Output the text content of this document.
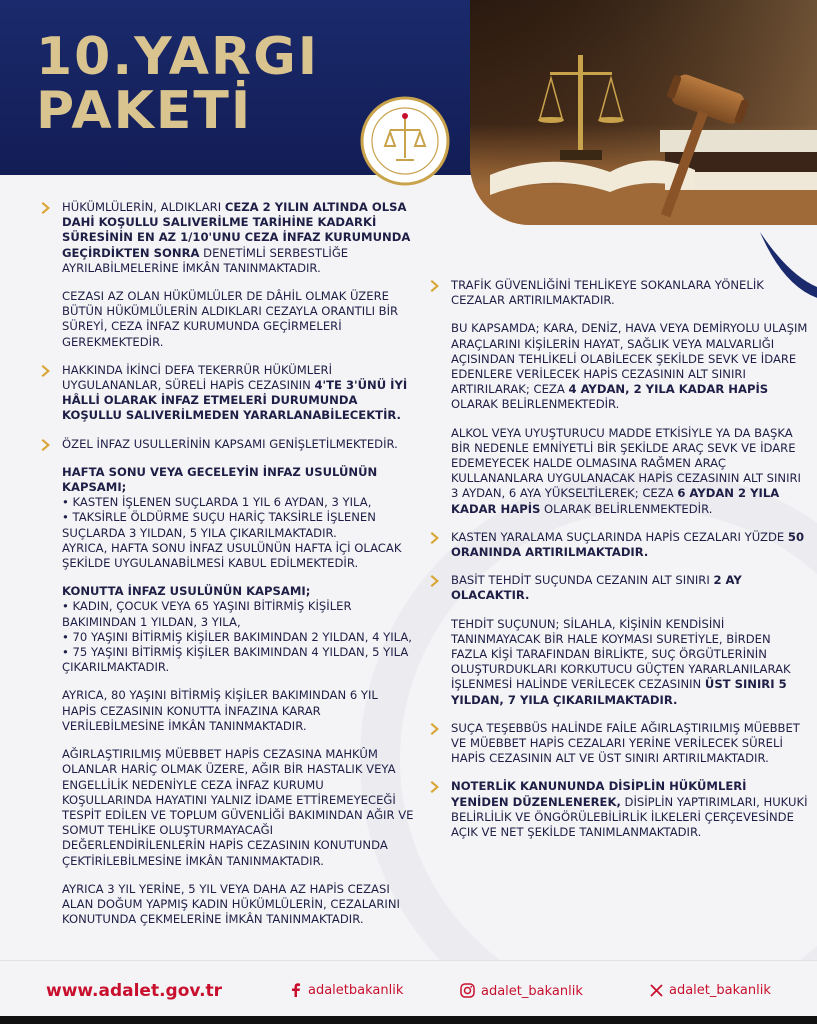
10.YARGI
PAKETİ

HÜKÜMLÜLERİN, ALDIKLARI CEZA 2 YILIN ALTINDA OLSA DAHİ KOŞULLU SALIVERİLME TARİHİNE KADARKİ SÜRESİNİN EN AZ 1/10'UNU CEZA İNFAZ KURUMUNDA GEÇİRDİKTEN SONRA DENETİMLİ SERBESTLİĞE AYRILABİLMELERİNE İMKÂN TANINMAKTADIR.

CEZASI AZ OLAN HÜKÜMLÜLER DE DÂHİL OLMAK ÜZERE BÜTÜN HÜKÜMLÜLERİN ALDIKLARI CEZAYLA ORANTILI BİR SÜREYİ, CEZA İNFAZ KURUMUNDA GEÇİRMELERİ GEREKMEKTEDİR.

HAKKINDA İKİNCİ DEFA TEKERRÜR HÜKÜMLERİ UYGULANANLAR, SÜRELİ HAPİS CEZASININ 4'TE 3'ÜNÜ İYİ HÂLLİ OLARAK İNFAZ ETMELERİ DURUMUNDA KOŞULLU SALIVERİLMEDEN YARARLANABİLECEKTİR.

ÖZEL İNFAZ USULLERİNİN KAPSAMI GENİŞLETİLMEKTEDİR.

HAFTA SONU VEYA GECELEYİN İNFAZ USULÜNÜN KAPSAMI;
• KASTEN İŞLENEN SUÇLARDA 1 YIL 6 AYDAN, 3 YILA,
• TAKSİRLE ÖLDÜRME SUÇU HARİÇ TAKSİRLE İŞLENEN SUÇLARDA 3 YILDAN, 5 YILA ÇIKARILMAKTADIR.
AYRICA, HAFTA SONU İNFAZ USULÜNÜN HAFTA İÇİ OLACAK ŞEKİLDE UYGULANABİLMESİ KABUL EDİLMEKTEDİR.

KONUTTA İNFAZ USULÜNÜN KAPSAMI;
• KADIN, ÇOCUK VEYA 65 YAŞINI BİTİRMİŞ KİŞİLER BAKIMINDAN 1 YILDAN, 3 YILA,
• 70 YAŞINI BİTİRMİŞ KİŞİLER BAKIMINDAN 2 YILDAN, 4 YILA,
• 75 YAŞINI BİTİRMİŞ KİŞİLER BAKIMINDAN 4 YILDAN, 5 YILA ÇIKARILMAKTADIR.

AYRICA, 80 YAŞINI BİTİRMİŞ KİŞİLER BAKIMINDAN 6 YIL HAPİS CEZASININ KONUTTA İNFAZINA KARAR VERİLEBİLMESİNE İMKÂN TANINMAKTADIR.

AĞIRLAŞTIRILMIŞ MÜEBBET HAPİS CEZASINA MAHKÛM OLANLAR HARİÇ OLMAK ÜZERE, AĞIR BİR HASTALIK VEYA ENGELLİLİK NEDENİYLE CEZA İNFAZ KURUMU KOŞULLARINDA HAYATINI YALNIZ İDAME ETTİREMEYECEĞİ TESPİT EDİLEN VE TOPLUM GÜVENLİĞİ BAKIMINDAN AĞIR VE SOMUT TEHLİKE OLUŞTURMAYACAĞI DEĞERLENDİRİLENLERİN HAPİS CEZASININ KONUTUNDA ÇEKTİRİLEBİLMESİNE İMKÂN TANINMAKTADIR.

AYRICA 3 YIL YERİNE, 5 YIL VEYA DAHA AZ HAPİS CEZASI ALAN DOĞUM YAPMIŞ KADIN HÜKÜMLÜLERİN, CEZALARINI KONUTUNDA ÇEKMELERİNE İMKÂN TANINMAKTADIR.

TRAFİK GÜVENLİĞİNİ TEHLİKEYE SOKANLARA YÖNELİK CEZALAR ARTIRILMAKTADIR.

BU KAPSAMDA; KARA, DENİZ, HAVA VEYA DEMİRYOLU ULAŞIM ARAÇLARINI KİŞİLERİN HAYAT, SAĞLIK VEYA MALVARLIĞI AÇISINDAN TEHLİKELİ OLABİLECEK ŞEKİLDE SEVK VE İDARE EDENLERE VERİLECEK HAPİS CEZASININ ALT SINIRI ARTIRILARAK; CEZA 4 AYDAN, 2 YILA KADAR HAPİS OLARAK BELİRLENMEKTEDİR.

ALKOL VEYA UYUŞTURUCU MADDE ETKİSİYLE YA DA BAŞKA BİR NEDENLE EMNİYETLİ BİR ŞEKİLDE ARAÇ SEVK VE İDARE EDEMEYECEK HALDE OLMASINA RAĞMEN ARAÇ KULLANANLARA UYGULANACAK HAPİS CEZASININ ALT SINIRI 3 AYDAN, 6 AYA YÜKSELTİLEREK; CEZA 6 AYDAN 2 YILA KADAR HAPİS OLARAK BELİRLENMEKTEDİR.

KASTEN YARALAMA SUÇLARINDA HAPİS CEZALARI YÜZDE 50 ORANINDA ARTIRILMAKTADIR.

BASİT TEHDİT SUÇUNDA CEZANIN ALT SINIRI 2 AY OLACAKTIR.

TEHDİT SUÇUNUN; SİLAHLA, KİŞİNİN KENDİSİNİ TANINMAYACAK BİR HALE KOYMASI SURETİYLE, BİRDEN FAZLA KİŞİ TARAFINDAN BİRLİKTE, SUÇ ÖRGÜTLERİNİN OLUŞTURDUKLARI KORKUTUCU GÜÇTEN YARARLANILARAK İŞLENMESİ HALİNDE VERİLECEK CEZASININ ÜST SINIRI 5 YILDAN, 7 YILA ÇIKARILMAKTADIR.

SUÇA TEŞEBBÜS HALİNDE FAİLE AĞIRLAŞTIRILMIŞ MÜEBBET VE MÜEBBET HAPİS CEZALARI YERİNE VERİLECEK SÜRELİ HAPİS CEZASININ ALT VE ÜST SINIRI ARTIRILMAKTADIR.

NOTERLİK KANUNUNDA DİSİPLİN HÜKÜMLERİ YENİDEN DÜZENLENEREK, DİSİPLİN YAPTIRIMLARI, HUKUKİ BELİRLİLİK VE ÖNGÖRÜLEBİLİRLİK İLKELERİ ÇERÇEVESİNDE AÇIK VE NET ŞEKİLDE TANIMLANMAKTADIR.

www.adalet.gov.tr	adaletbakanlik	adalet_bakanlik	adalet_bakanlik
